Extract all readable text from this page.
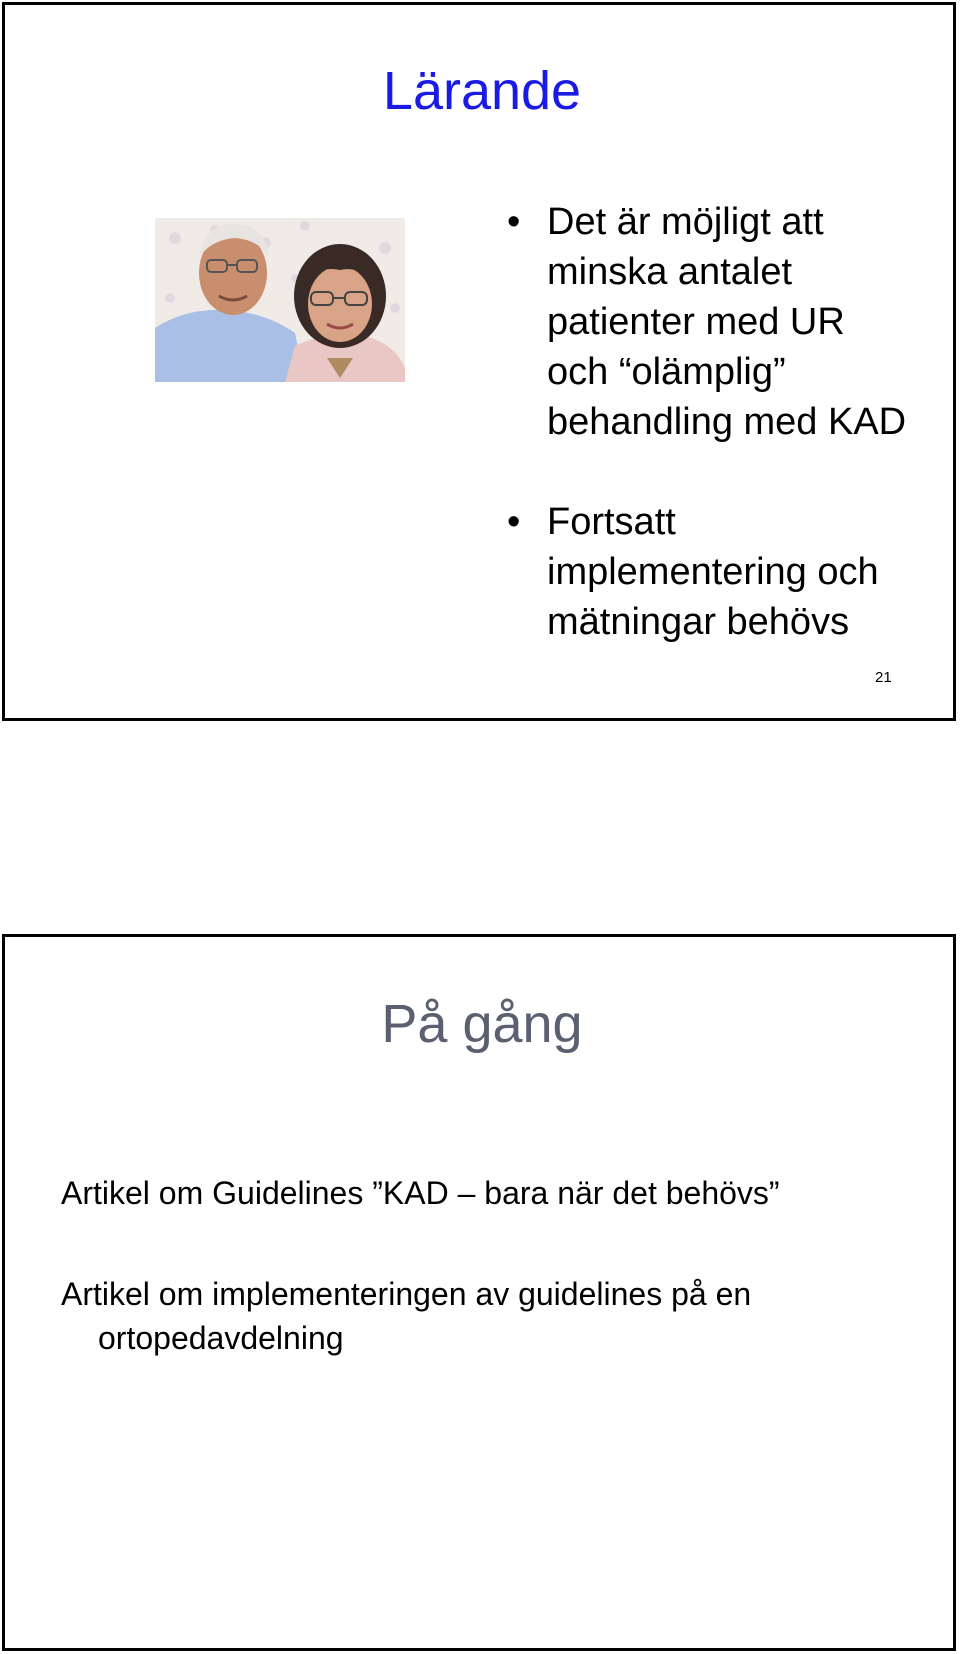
Lärande
• Det är möjligt att
minska antalet
patienter med UR
och “olämplig”
behandling med KAD
• Fortsatt
implementering och
mätningar behövs
21
På gång
Artikel om Guidelines ”KAD – bara när det behövs”
Artikel om implementeringen av guidelines på en
ortopedavdelning
